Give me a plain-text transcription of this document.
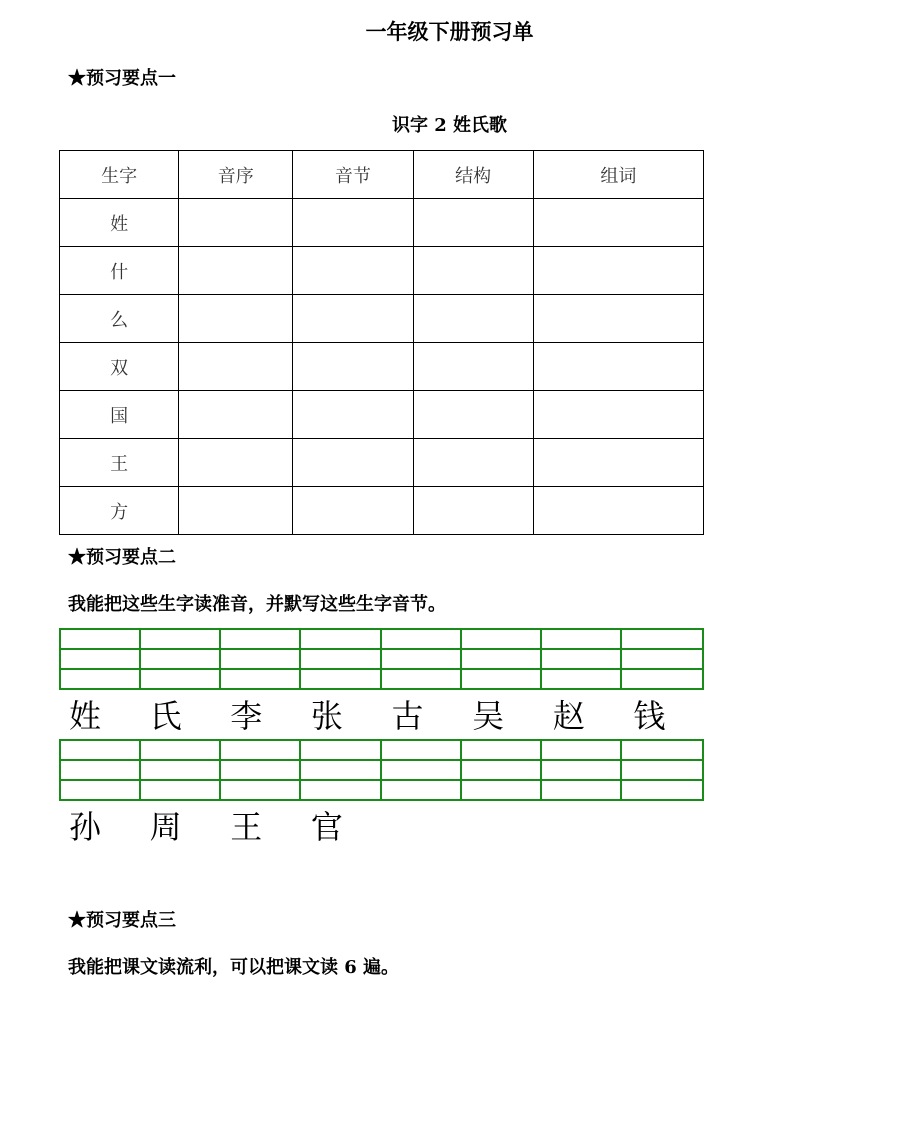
一年级下册预习单
★预习要点一
识字 2 姓氏歌
生字	音序	音节	结构	组词
姓				
什				
么				
双				
国				
王				
方				
★预习要点二
我能把这些生字读准音，并默写这些生字音节。
姓	氏	李	张	古	吴	赵	钱
孙	周	王	官
★预习要点三
我能把课文读流利，可以把课文读 6 遍。
